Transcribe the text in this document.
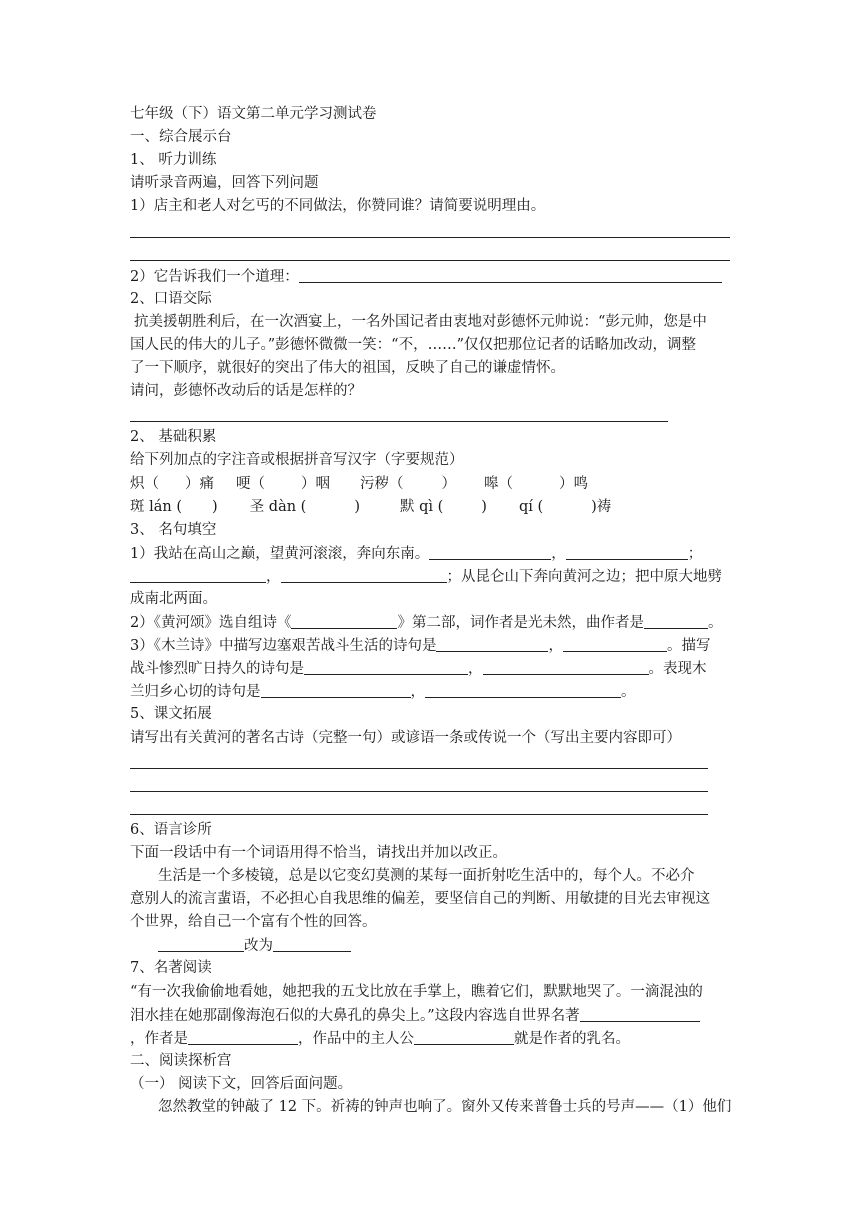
七年级（下）语文第二单元学习测试卷
一、综合展示台
1、 听力训练
请听录音两遍，回答下列问题
1）店主和老人对乞丐的不同做法，你赞同谁？请简要说明理由。
2）它告诉我们一个道理：
2、口语交际
抗美援朝胜利后，在一次酒宴上，一名外国记者由衷地对彭德怀元帅说：“彭元帅，您是中
国人民的伟大的儿子。”彭德怀微微一笑：“不，……”仅仅把那位记者的话略加改动，调整
了一下顺序，就很好的突出了伟大的祖国，反映了自己的谦虚情怀。
请问，彭德怀改动后的话是怎样的？
2、 基础积累
给下列加点的字注音或根据拼音写汉字（字要规范）
炽（ ）痛 哽（ ）咽 污秽（	） 嗥（	）鸣
斑 lán ( ) 圣 dàn (	)	默 qì (	) qí (	)祷
3、 名句填空
1）我站在高山之巅，望黄河滚滚，奔向东南。	，	；
，	；从昆仑山下奔向黄河之边；把中原大地劈
成南北两面。
2）《黄河颂》选自组诗《	》第二部，词作者是光未然，曲作者是	。
3）《木兰诗》中描写边塞艰苦战斗生活的诗句是	，	。描写
战斗惨烈旷日持久的诗句是	，	。表现木
兰归乡心切的诗句是	，	。
5、课文拓展
请写出有关黄河的著名古诗（完整一句）或谚语一条或传说一个（写出主要内容即可）
6、语言诊所
下面一段话中有一个词语用得不恰当，请找出并加以改正。
生活是一个多棱镜，总是以它变幻莫测的某每一面折射吃生活中的，每个人。不必介
意别人的流言蜚语，不必担心自我思维的偏差，要坚信自己的判断、用敏捷的目光去审视这
个世界，给自己一个富有个性的回答。
改为
7、名著阅读
“有一次我偷偷地看她，她把我的五戈比放在手掌上，瞧着它们，默默地哭了。一滴混浊的
泪水挂在她那副像海泡石似的大鼻孔的鼻尖上。”这段内容选自世界名著
，作者是	，作品中的主人公	就是作者的乳名。
二、阅读探析宫
（一） 阅读下文，回答后面问题。
忽然教堂的钟敲了 12 下。祈祷的钟声也响了。窗外又传来普鲁士兵的号声——（1）他们
